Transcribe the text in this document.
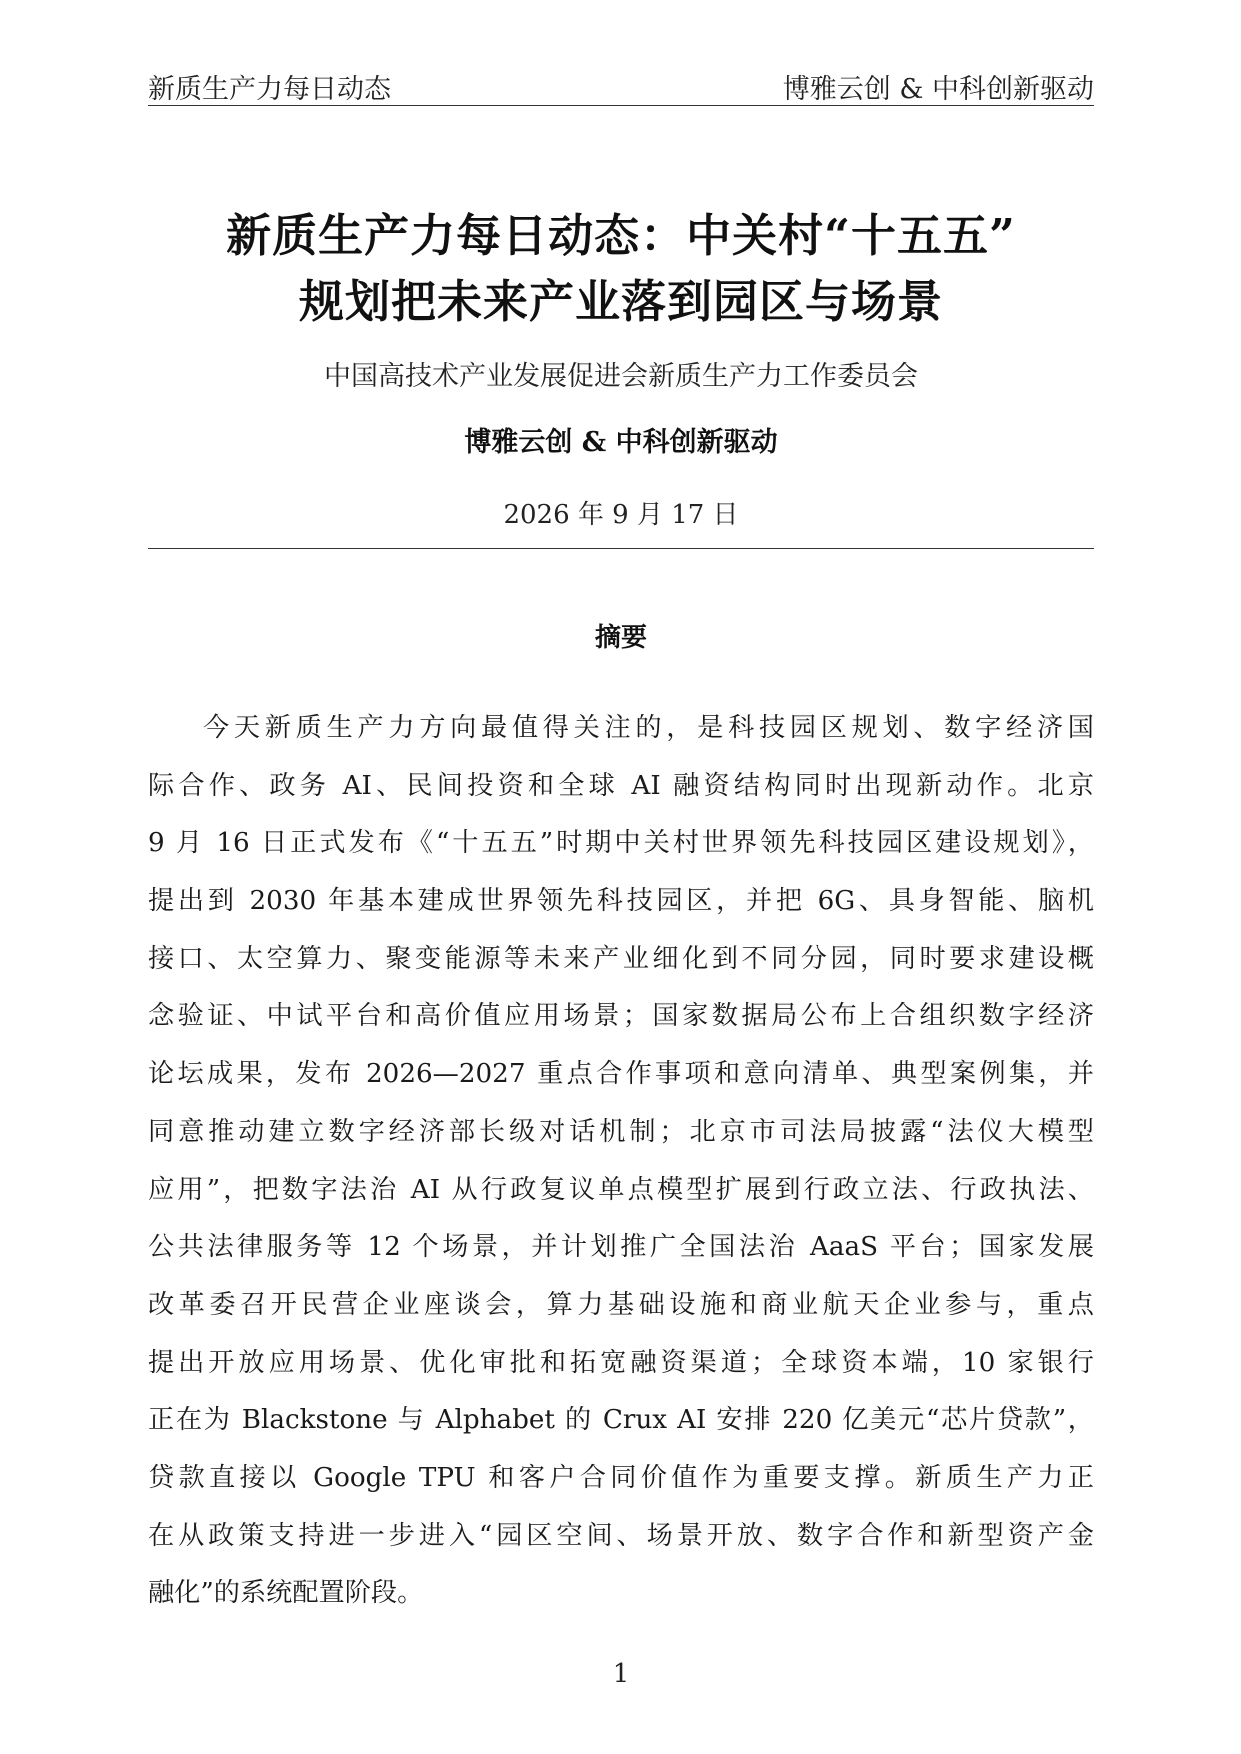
新质生产力每日动态	博雅云创 & 中科创新驱动
新质生产力每日动态：中关村“十五五”
规划把未来产业落到园区与场景
中国高技术产业发展促进会新质生产力工作委员会
博雅云创 & 中科创新驱动
2026 年 9 月 17 日
摘要
今天新质生产力方向最值得关注的，是科技园区规划、数字经济国
际合作、政务 AI、民间投资和全球 AI 融资结构同时出现新动作。北京
9 月 16 日正式发布《“十五五”时期中关村世界领先科技园区建设规划》，
提出到 2030 年基本建成世界领先科技园区，并把 6G、具身智能、脑机
接口、太空算力、聚变能源等未来产业细化到不同分园，同时要求建设概
念验证、中试平台和高价值应用场景；国家数据局公布上合组织数字经济
论坛成果，发布 2026—2027 重点合作事项和意向清单、典型案例集，并
同意推动建立数字经济部长级对话机制；北京市司法局披露“法仪大模型
应用”，把数字法治 AI 从行政复议单点模型扩展到行政立法、行政执法、
公共法律服务等 12 个场景，并计划推广全国法治 AaaS 平台；国家发展
改革委召开民营企业座谈会，算力基础设施和商业航天企业参与，重点
提出开放应用场景、优化审批和拓宽融资渠道；全球资本端，10 家银行
正在为 Blackstone 与 Alphabet 的 Crux AI 安排 220 亿美元“芯片贷款”，
贷款直接以 Google TPU 和客户合同价值作为重要支撑。新质生产力正
在从政策支持进一步进入“园区空间、场景开放、数字合作和新型资产金
融化”的系统配置阶段。
1
